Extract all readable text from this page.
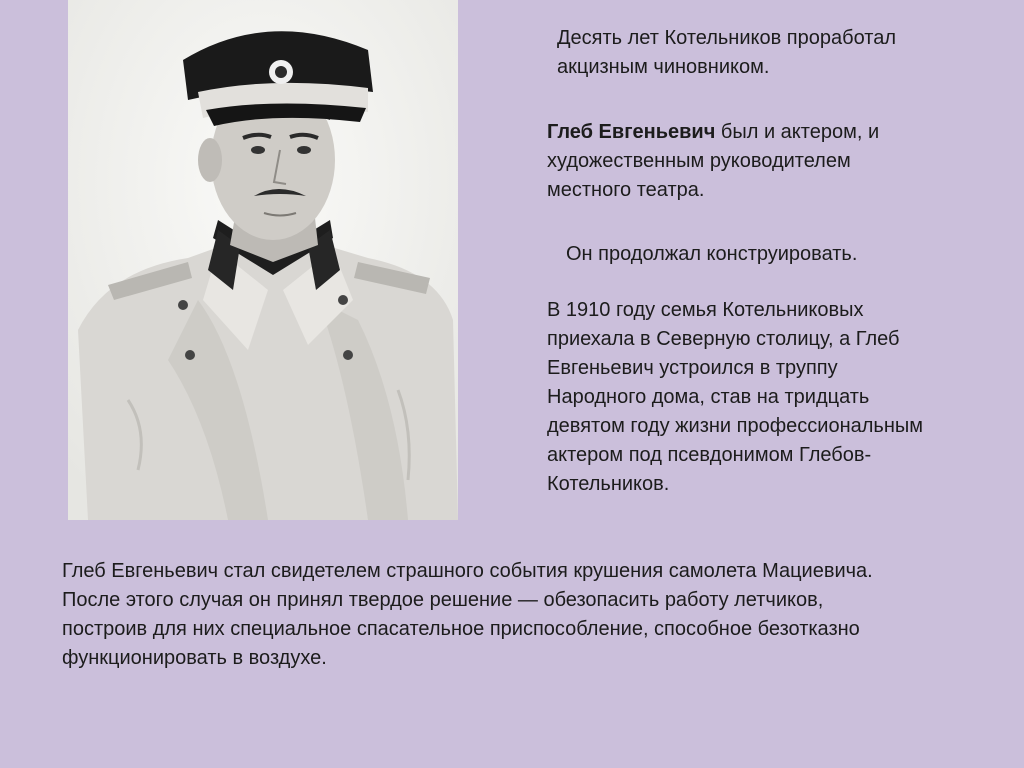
Десять лет Котельников проработал
акцизным чиновником.

Глеб Евгеньевич был и актером, и
художественным руководителем
местного театра.

Он продолжал конструировать.

В 1910 году семья Котельниковых
приехала в Северную столицу, а Глеб
Евгеньевич устроился в труппу
Народного дома, став на тридцать
девятом году жизни профессиональным
актером под псевдонимом Глебов-
Котельников.

Глеб Евгеньевич стал свидетелем страшного события крушения самолета Мациевича.
После этого случая он принял твердое решение — обезопасить работу летчиков,
построив для них специальное спасательное приспособление, способное безотказно
функционировать в воздухе.
